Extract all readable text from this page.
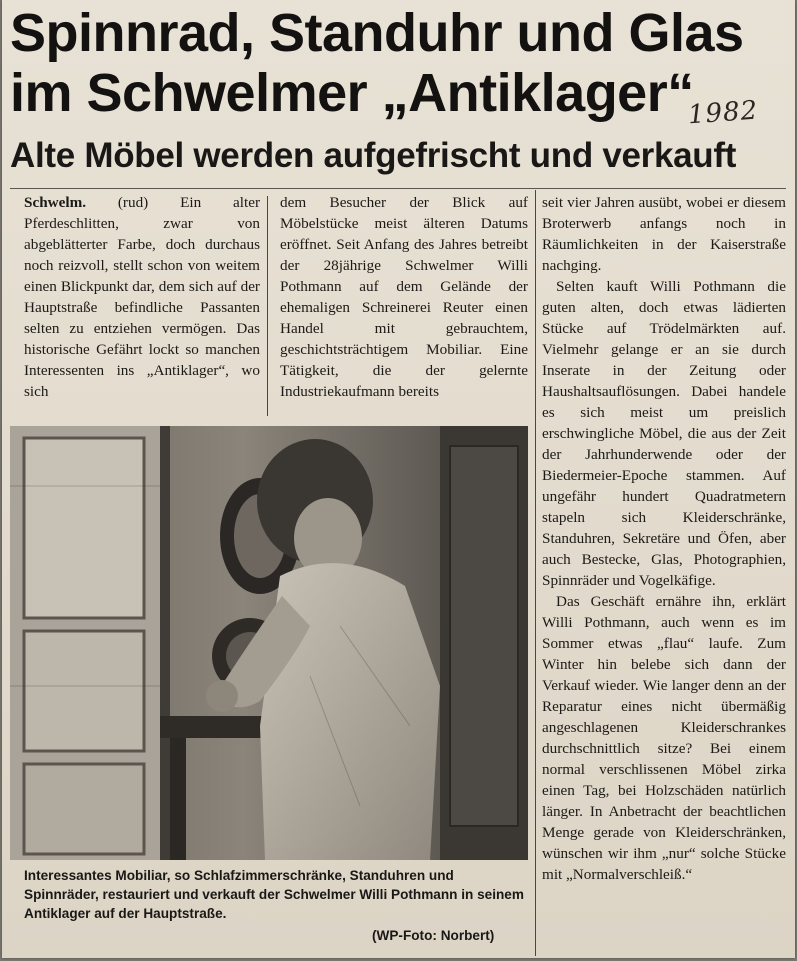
Spinnrad, Standuhr und Glas
im Schwelmer „Antiklager“
1982
Alte Möbel werden aufgefrischt und verkauft

Schwelm. (rud) Ein alter Pferdeschlitten, zwar von abgeblätterter Farbe, doch durchaus noch reizvoll, stellt schon von weitem einen Blickpunkt dar, dem sich auf der Hauptstraße befindliche Passanten selten zu entziehen vermögen. Das historische Gefährt lockt so manchen Interessenten ins „Antiklager“, wo sich

dem Besucher der Blick auf Möbelstücke meist älteren Datums eröffnet. Seit Anfang des Jahres betreibt der 28jährige Schwelmer Willi Pothmann auf dem Gelände der ehemaligen Schreinerei Reuter einen Handel mit gebrauchtem, geschichtsträchtigem Mobiliar. Eine Tätigkeit, die der gelernte Industriekaufmann bereits

seit vier Jahren ausübt, wobei er diesem Broterwerb anfangs noch in Räumlichkeiten in der Kaiserstraße nachging.

Selten kauft Willi Pothmann die guten alten, doch etwas lädierten Stücke auf Trödelmärkten auf. Vielmehr gelange er an sie durch Inserate in der Zeitung oder Haushaltsauflösungen. Dabei handele es sich meist um preislich erschwingliche Möbel, die aus der Zeit der Jahrhunderwende oder der Biedermeier-Epoche stammen. Auf ungefähr hundert Quadratmetern stapeln sich Kleiderschränke, Standuhren, Sekretäre und Öfen, aber auch Bestecke, Glas, Photographien, Spinnräder und Vogelkäfige.

Das Geschäft ernähre ihn, erklärt Willi Pothmann, auch wenn es im Sommer etwas „flau“ laufe. Zum Winter hin belebe sich dann der Verkauf wieder. Wie langer denn an der Reparatur eines nicht übermäßig angeschlagenen Kleiderschrankes durchschnittlich sitze? Bei einem normal verschlissenen Möbel zirka einen Tag, bei Holzschäden natürlich länger. In Anbetracht der beachtlichen Menge gerade von Kleiderschränken, wünschen wir ihm „nur“ solche Stücke mit „Normalverschleiß.“

Interessantes Mobiliar, so Schlafzimmerschränke, Standuhren und Spinnräder, restauriert und verkauft der Schwelmer Willi Pothmann in seinem Antiklager auf der Hauptstraße.

(WP-Foto: Norbert)
